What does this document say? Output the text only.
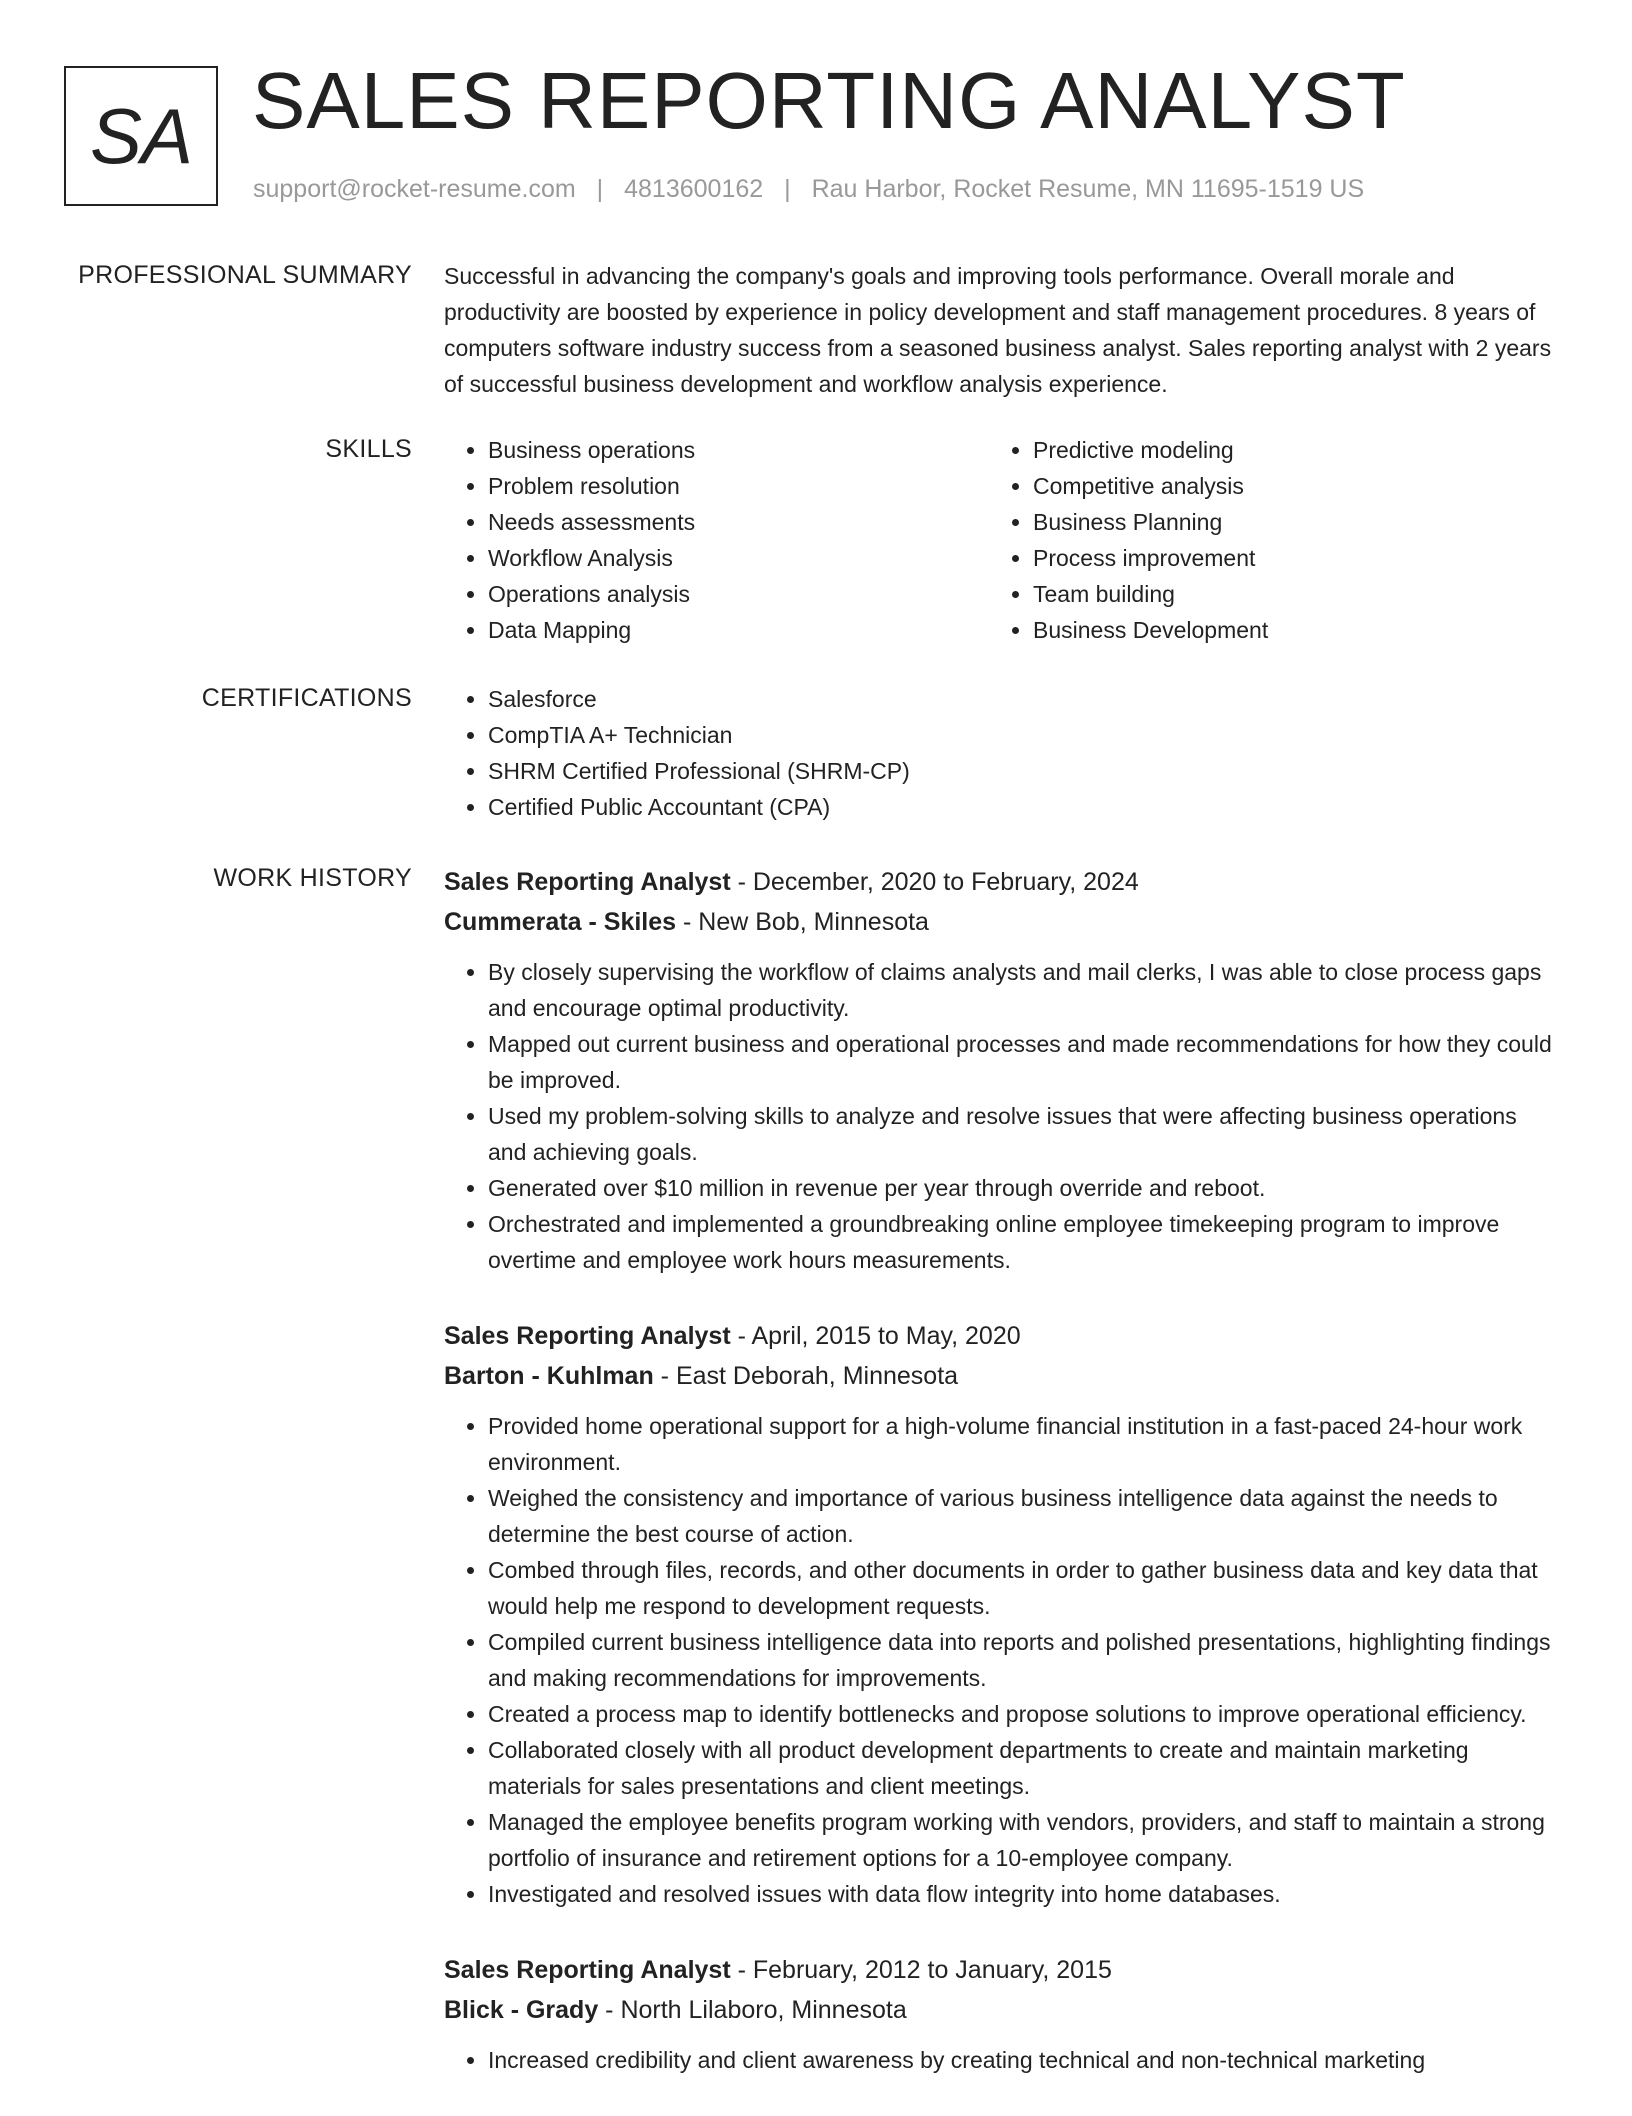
SA SALES REPORTING ANALYST
support@rocket-resume.com | 4813600162 | Rau Harbor, Rocket Resume, MN 11695-1519 US
PROFESSIONAL SUMMARY Successful in advancing the company's goals and improving tools performance. Overall morale and productivity are boosted by experience in policy development and staff management procedures. 8 years of computers software industry success from a seasoned business analyst. Sales reporting analyst with 2 years of successful business development and workflow analysis experience.

SKILLS	• Business operations
• Problem resolution
• Needs assessments
• Workflow Analysis
• Operations analysis
• Data Mapping
• Predictive modeling
• Competitive analysis
• Business Planning
• Process improvement
• Team building
• Business Development
CERTIFICATIONS	• Salesforce
• CompTIA A+ Technician
• SHRM Certified Professional (SHRM-CP)
• Certified Public Accountant (CPA)
WORK HISTORY Sales Reporting Analyst - December, 2020 to February, 2024
Cummerata - Skiles - New Bob, Minnesota
• By closely supervising the workflow of claims analysts and mail clerks, I was able to close process gaps and encourage optimal productivity.
• Mapped out current business and operational processes and made recommendations for how they could be improved.
• Used my problem-solving skills to analyze and resolve issues that were affecting business operations and achieving goals.
• Generated over $10 million in revenue per year through override and reboot.
• Orchestrated and implemented a groundbreaking online employee timekeeping program to improve overtime and employee work hours measurements.
Sales Reporting Analyst - April, 2015 to May, 2020
Barton - Kuhlman - East Deborah, Minnesota
• Provided home operational support for a high-volume financial institution in a fast-paced 24-hour work environment.
• Weighed the consistency and importance of various business intelligence data against the needs to determine the best course of action.
• Combed through files, records, and other documents in order to gather business data and key data that would help me respond to development requests.
• Compiled current business intelligence data into reports and polished presentations, highlighting findings and making recommendations for improvements.
• Created a process map to identify bottlenecks and propose solutions to improve operational efficiency.
• Collaborated closely with all product development departments to create and maintain marketing materials for sales presentations and client meetings.
• Managed the employee benefits program working with vendors, providers, and staff to maintain a strong portfolio of insurance and retirement options for a 10-employee company.
• Investigated and resolved issues with data flow integrity into home databases.
Sales Reporting Analyst - February, 2012 to January, 2015
Blick - Grady - North Lilaboro, Minnesota
• Increased credibility and client awareness by creating technical and non-technical marketing
